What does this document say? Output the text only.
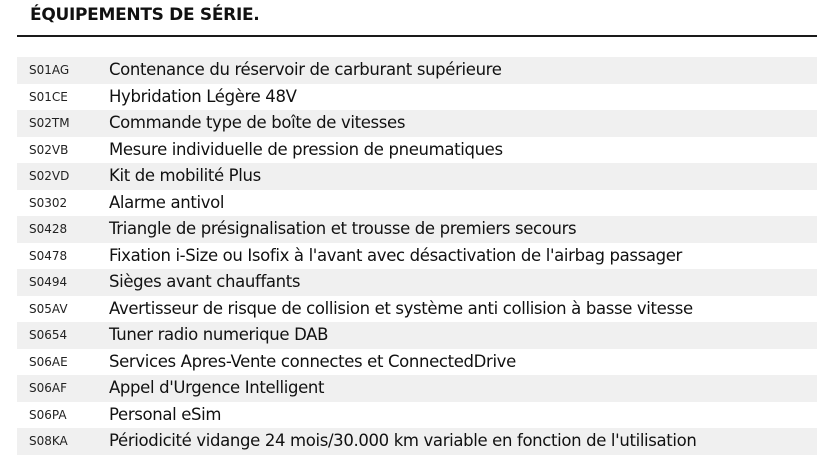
ÉQUIPEMENTS DE SÉRIE.
S01AG Contenance du réservoir de carburant supérieure
S01CE Hybridation Légère 48V
S02TM Commande type de boîte de vitesses
S02VB Mesure individuelle de pression de pneumatiques
S02VD Kit de mobilité Plus
S0302	Alarme antivol
S0428	Triangle de présignalisation et trousse de premiers secours
S0478	Fixation i-Size ou Isofix à l'avant avec désactivation de l'airbag passager
S0494	Sièges avant chauffants
S05AV	Avertisseur de risque de collision et système anti collision à basse vitesse
S0654	Tuner radio numerique DAB
S06AE	Services Apres-Vente connectes et ConnectedDrive
S06AF	Appel d'Urgence Intelligent
S06PA	Personal eSim
S08KA Périodicité vidange 24 mois/30.000 km variable en fonction de l'utilisation
